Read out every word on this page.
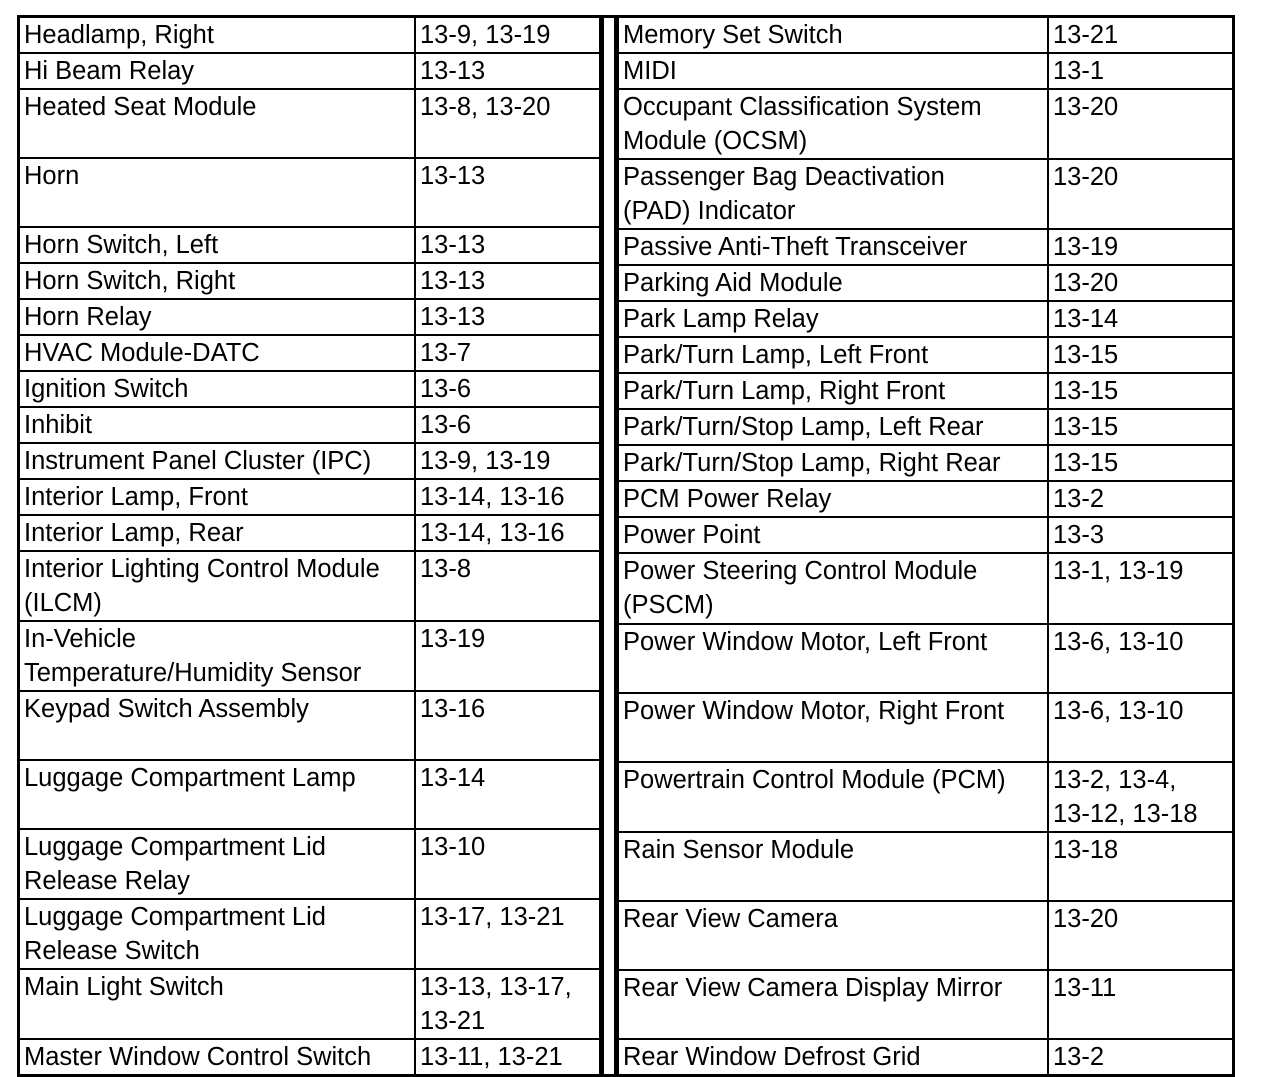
Headlamp, Right	13-9, 13-19

Hi Beam Relay	13-13

Heated Seat Module	13-8, 13-20

Horn	13-13

Horn Switch, Left	13-13

Horn Switch, Right	13-13

Horn Relay	13-13

HVAC Module-DATC	13-7

Ignition Switch	13-6

Inhibit	13-6

Instrument Panel Cluster (IPC)	13-9, 13-19

Interior Lamp, Front	13-14, 13-16

Interior Lamp, Rear	13-14, 13-16

Interior Lighting Control Module
(ILCM)	13-8

In-Vehicle
Temperature/Humidity Sensor	13-19

Keypad Switch Assembly	13-16

Luggage Compartment Lamp	13-14

Luggage Compartment Lid
Release Relay	13-10

Luggage Compartment Lid
Release Switch	13-17, 13-21

Main Light Switch	13-13, 13-17,
13-21

Master Window Control Switch	13-11, 13-21
Memory Set Switch	13-21

MIDI	13-1

Occupant Classification System
Module (OCSM)	13-20

Passenger Bag Deactivation
(PAD) Indicator	13-20

Passive Anti-Theft Transceiver	13-19

Parking Aid Module	13-20

Park Lamp Relay	13-14

Park/Turn Lamp, Left Front	13-15

Park/Turn Lamp, Right Front	13-15

Park/Turn/Stop Lamp, Left Rear	13-15

Park/Turn/Stop Lamp, Right Rear	13-15

PCM Power Relay	13-2

Power Point	13-3

Power Steering Control Module
(PSCM)	13-1, 13-19

Power Window Motor, Left Front	13-6, 13-10

Power Window Motor, Right Front	13-6, 13-10

Powertrain Control Module (PCM)	13-2, 13-4,
13-12, 13-18

Rain Sensor Module	13-18

Rear View Camera	13-20

Rear View Camera Display Mirror	13-11

Rear Window Defrost Grid	13-2
